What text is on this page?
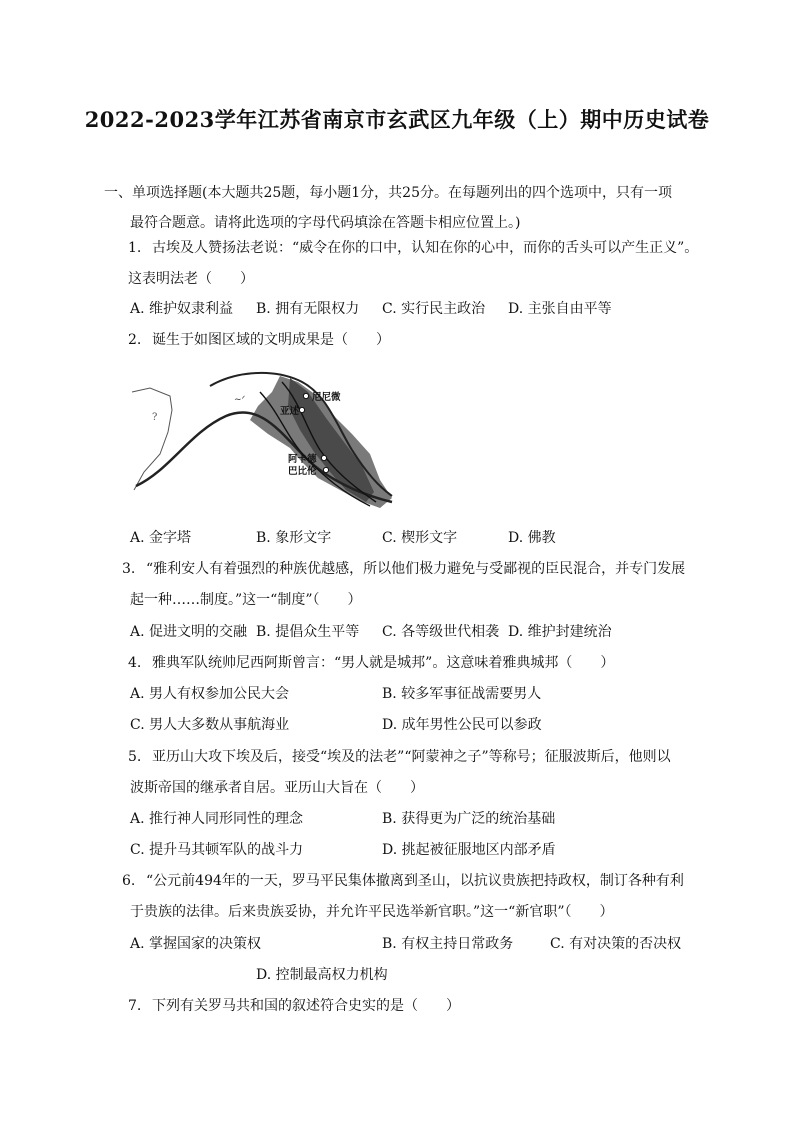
2022-2023学年江苏省南京市玄武区九年级（上）期中历史试卷
一、单项选择题(本大题共25题，每小题1分，共25分。在每题列出的四个选项中，只有一项
最符合题意。请将此选项的字母代码填涂在答题卡相应位置上。)
1. 古埃及人赞扬法老说：“威令在你的口中，认知在你的心中，而你的舌头可以产生正义”。
这表明法老（　　）
A. 维护奴隶利益 B. 拥有无限权力 C. 实行民主政治 D. 主张自由平等
2. 诞生于如图区域的文明成果是（　　）
?
~ᐟ	尼尼微
亚述
阿卡德
巴比伦
A. 金字塔	B. 象形文字	C. 楔形文字	D. 佛教
3. “雅利安人有着强烈的种族优越感，所以他们极力避免与受鄙视的臣民混合，并专门发展
起一种……制度。”这一“制度”（　　）
A. 促进文明的交融 B. 提倡众生平等 C. 各等级世代相袭 D. 维护封建统治
4. 雅典军队统帅尼西阿斯曾言：“男人就是城邦”。这意味着雅典城邦（　　）
A. 男人有权参加公民大会	B. 较多军事征战需要男人
C. 男人大多数从事航海业	D. 成年男性公民可以参政
5. 亚历山大攻下埃及后，接受“埃及的法老”“阿蒙神之子”等称号；征服波斯后，他则以
波斯帝国的继承者自居。亚历山大旨在（　　）
A. 推行神人同形同性的理念	B. 获得更为广泛的统治基础
C. 提升马其顿军队的战斗力	D. 挑起被征服地区内部矛盾
6. “公元前494年的一天，罗马平民集体撤离到圣山，以抗议贵族把持政权，制订各种有利
于贵族的法律。后来贵族妥协，并允许平民选举新官职。”这一“新官职”（　　）
A. 掌握国家的决策权	B. 有权主持日常政务	C. 有对决策的否决权
D. 控制最高权力机构
7. 下列有关罗马共和国的叙述符合史实的是（　　）
